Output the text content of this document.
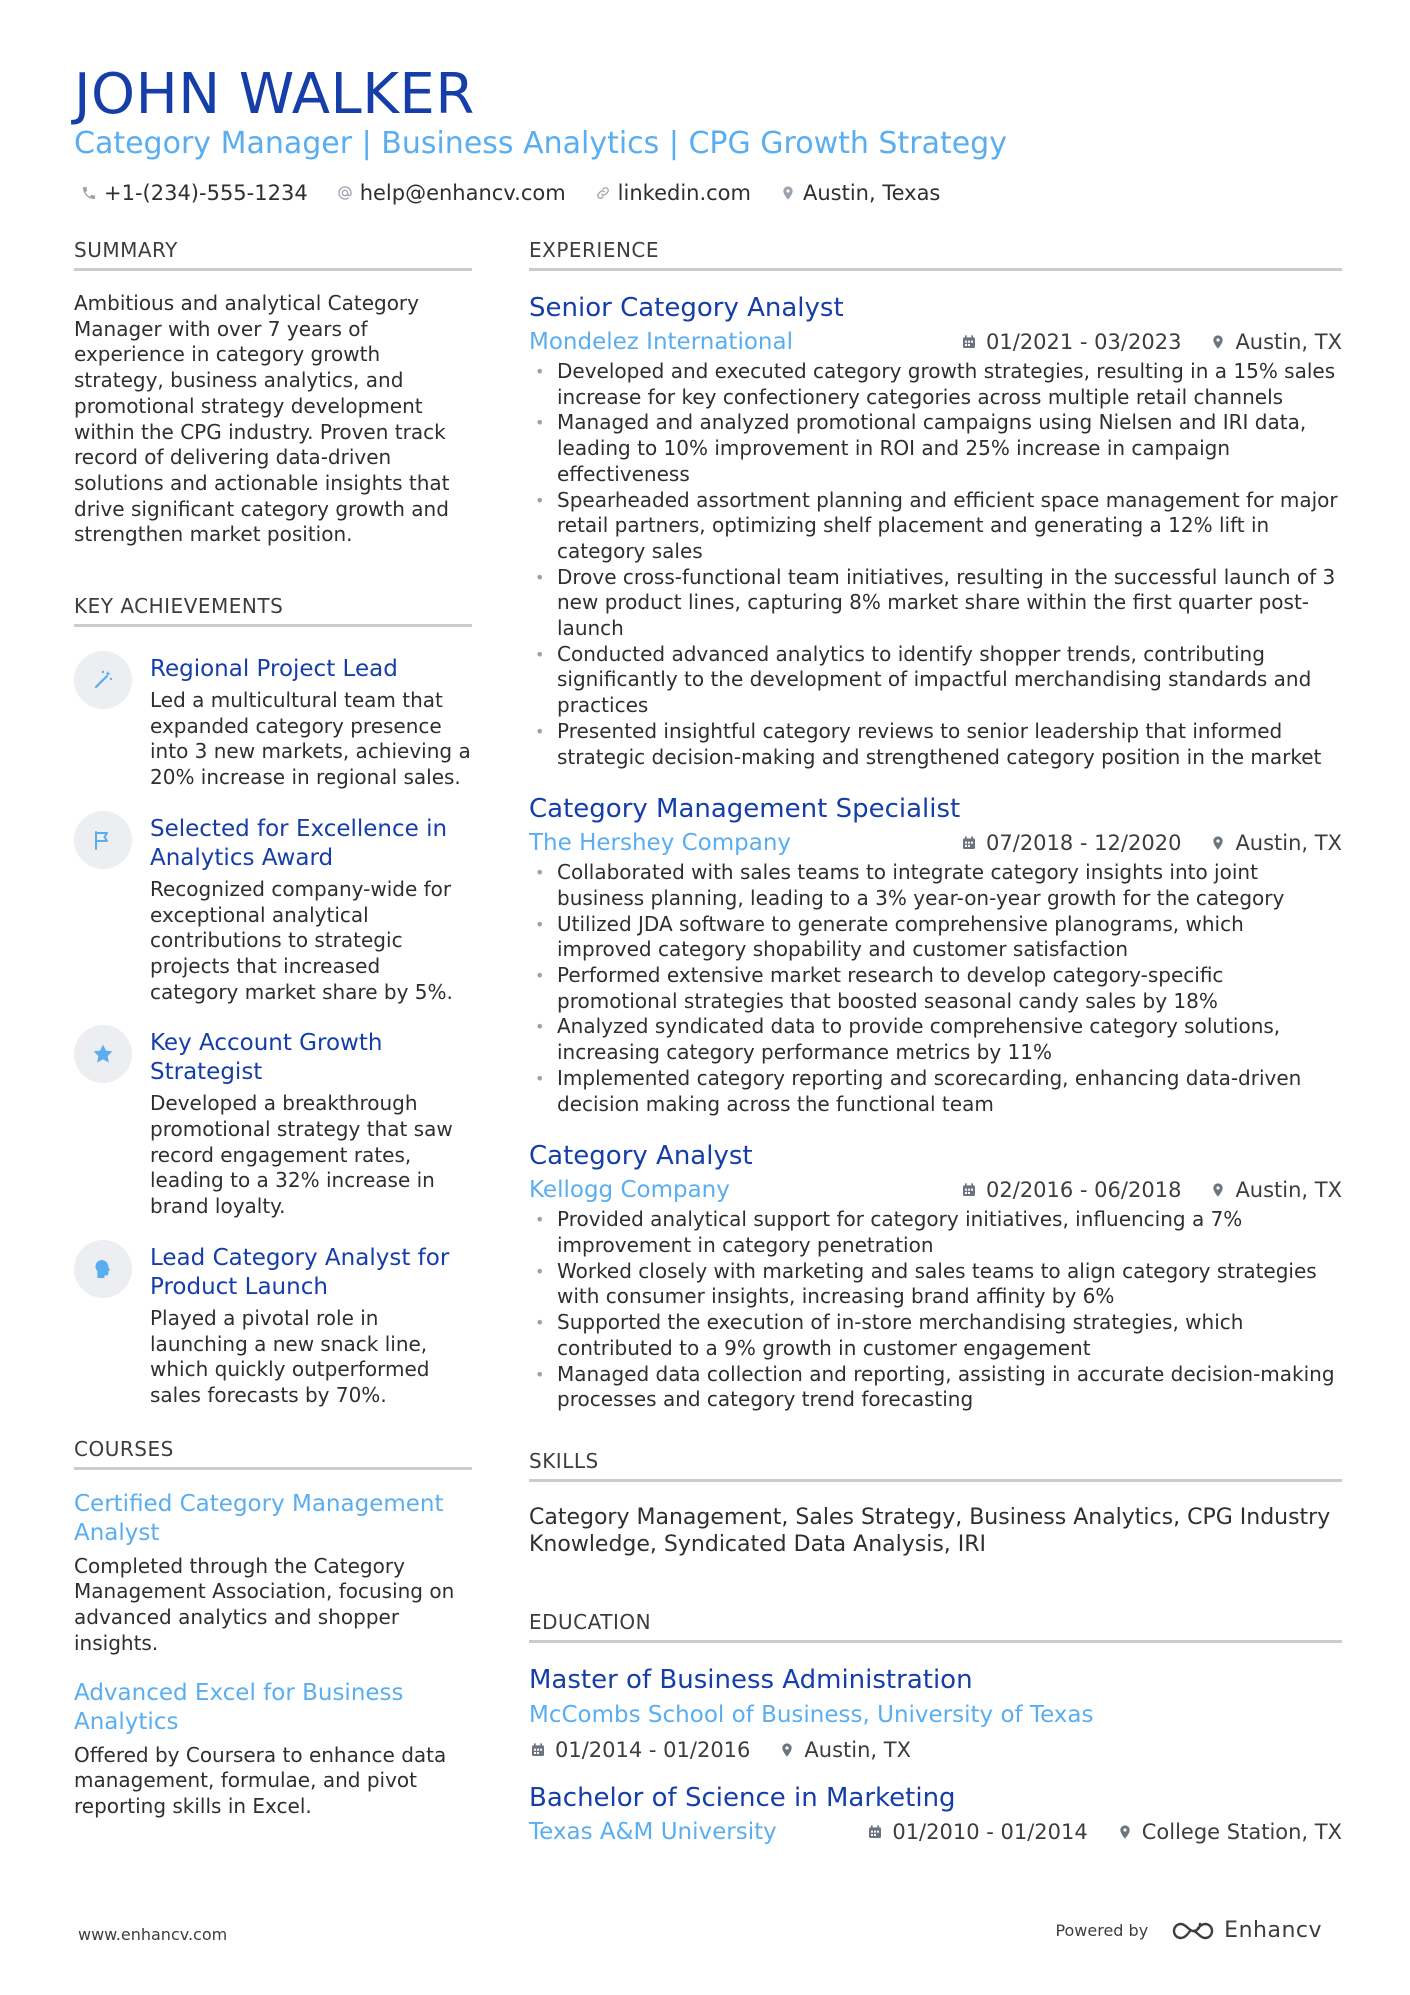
JOHN WALKER
Category Manager | Business Analytics | CPG Growth Strategy
+1-(234)-555-1234 help@enhancv.com linkedin.com Austin, Texas
SUMMARY
Ambitious and analytical Category Manager with over 7 years of experience in category growth strategy, business analytics, and promotional strategy development within the CPG industry. Proven track record of delivering data-driven solutions and actionable insights that drive significant category growth and strengthen market position.
KEY ACHIEVEMENTS
Regional Project Lead
Led a multicultural team that expanded category presence into 3 new markets, achieving a 20% increase in regional sales.
Selected for Excellence in Analytics Award
Recognized company-wide for exceptional analytical contributions to strategic projects that increased category market share by 5%.
Key Account Growth Strategist
Developed a breakthrough promotional strategy that saw record engagement rates, leading to a 32% increase in brand loyalty.
Lead Category Analyst for Product Launch
Played a pivotal role in launching a new snack line, which quickly outperformed sales forecasts by 70%.
COURSES
Certified Category Management Analyst
Completed through the Category Management Association, focusing on advanced analytics and shopper insights.
Advanced Excel for Business Analytics
Offered by Coursera to enhance data management, formulae, and pivot reporting skills in Excel.
EXPERIENCE
Senior Category Analyst
Mondelez International	01/2021 - 03/2023	Austin, TX
• Developed and executed category growth strategies, resulting in a 15% sales increase for key confectionery categories across multiple retail channels
• Managed and analyzed promotional campaigns using Nielsen and IRI data, leading to 10% improvement in ROI and 25% increase in campaign effectiveness
• Spearheaded assortment planning and efficient space management for major retail partners, optimizing shelf placement and generating a 12% lift in category sales
• Drove cross-functional team initiatives, resulting in the successful launch of 3 new product lines, capturing 8% market share within the first quarter post-launch
• Conducted advanced analytics to identify shopper trends, contributing significantly to the development of impactful merchandising standards and practices
• Presented insightful category reviews to senior leadership that informed strategic decision-making and strengthened category position in the market
Category Management Specialist
The Hershey Company	07/2018 - 12/2020	Austin, TX
• Collaborated with sales teams to integrate category insights into joint business planning, leading to a 3% year-on-year growth for the category
• Utilized JDA software to generate comprehensive planograms, which improved category shopability and customer satisfaction
• Performed extensive market research to develop category-specific promotional strategies that boosted seasonal candy sales by 18%
• Analyzed syndicated data to provide comprehensive category solutions, increasing category performance metrics by 11%
• Implemented category reporting and scorecarding, enhancing data-driven decision making across the functional team
Category Analyst
Kellogg Company	02/2016 - 06/2018	Austin, TX
• Provided analytical support for category initiatives, influencing a 7% improvement in category penetration
• Worked closely with marketing and sales teams to align category strategies with consumer insights, increasing brand affinity by 6%
• Supported the execution of in-store merchandising strategies, which contributed to a 9% growth in customer engagement
• Managed data collection and reporting, assisting in accurate decision-making processes and category trend forecasting
SKILLS
Category Management, Sales Strategy, Business Analytics, CPG Industry Knowledge, Syndicated Data Analysis, IRI
EDUCATION
Master of Business Administration
McCombs School of Business, University of Texas
01/2014 - 01/2016	Austin, TX
Bachelor of Science in Marketing
Texas A&M University	01/2010 - 01/2014	College Station, TX
www.enhancv.com	Powered by	Enhancv
